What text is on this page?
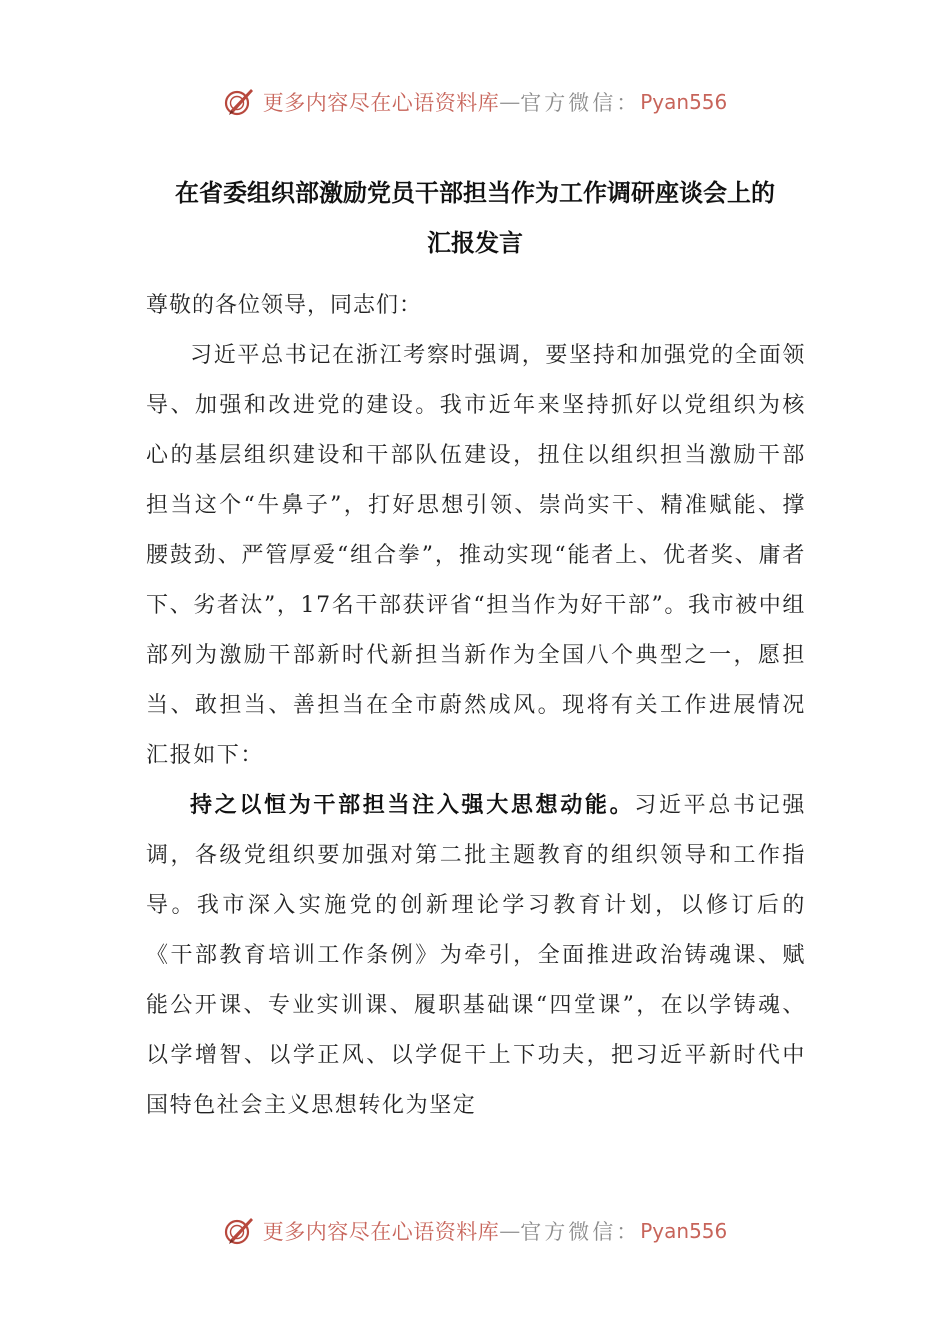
更多内容尽在心语资料库 — 官方微信： Pyan556
在省委组织部激励党员干部担当作为工作调研座谈会上的
汇报发言

尊敬的各位领导，同志们：

习近平总书记在浙江考察时强调，要坚持和加强党的全面领导、加强和改进党的建设。我市近年来坚持抓好以党组织为核心的基层组织建设和干部队伍建设，扭住以组织担当激励干部担当这个“牛鼻子”，打好思想引领、崇尚实干、精准赋能、撑腰鼓劲、严管厚爱“组合拳”，推动实现“能者上、优者奖、庸者下、劣者汰”，17名干部获评省“担当作为好干部”。我市被中组部列为激励干部新时代新担当新作为全国八个典型之一，愿担当、敢担当、善担当在全市蔚然成风。现将有关工作进展情况汇报如下：

持之以恒为干部担当注入强大思想动能。习近平总书记强调，各级党组织要加强对第二批主题教育的组织领导和工作指导。我市深入实施党的创新理论学习教育计划，以修订后的《干部教育培训工作条例》为牵引，全面推进政治铸魂课、赋能公开课、专业实训课、履职基础课“四堂课”，在以学铸魂、以学增智、以学正风、以学促干上下功夫，把习近平新时代中国特色社会主义思想转化为坚定

更多内容尽在心语资料库 — 官方微信： Pyan556
